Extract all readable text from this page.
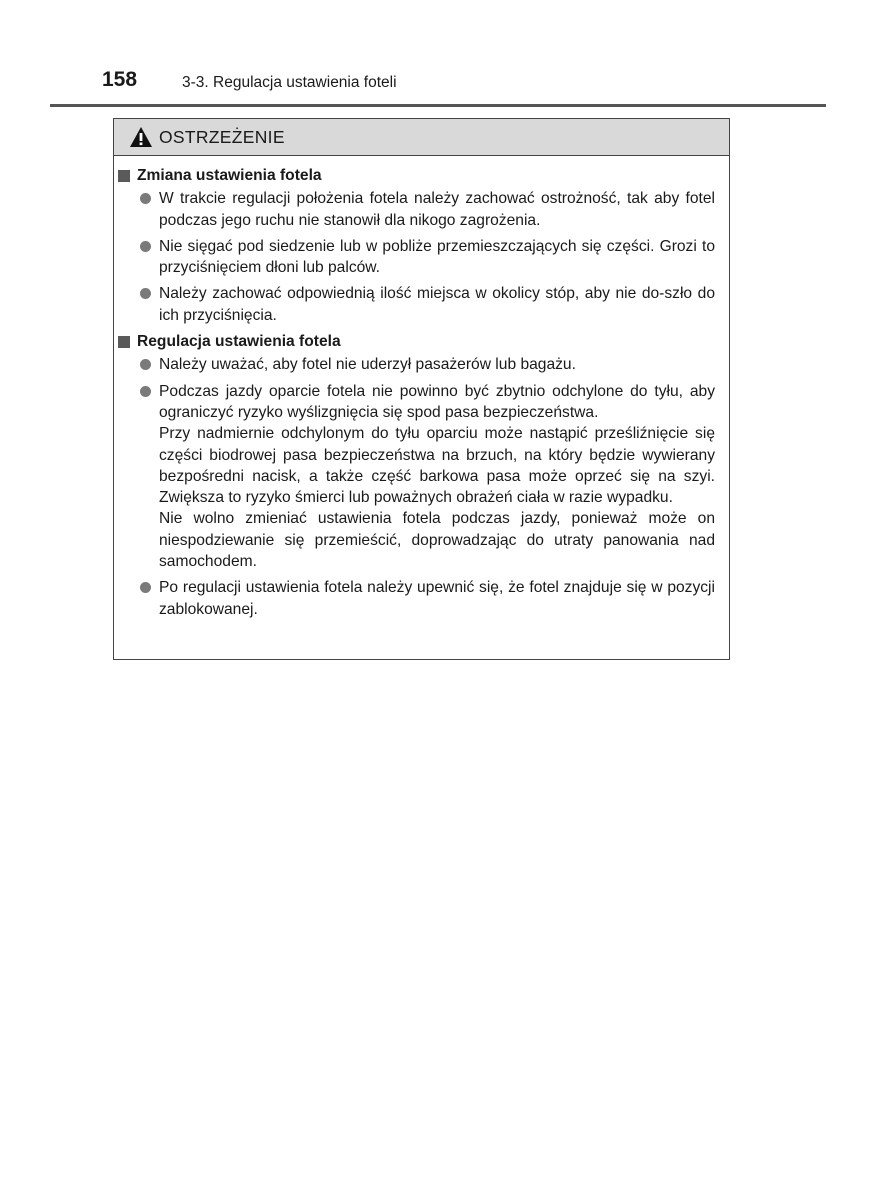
158	3-3. Regulacja ustawienia foteli
OSTRZEŻENIE
Zmiana ustawienia fotela

W trakcie regulacji położenia fotela należy zachować ostrożność, tak aby fotel podczas jego ruchu nie stanowił dla nikogo zagrożenia.

Nie sięgać pod siedzenie lub w pobliże przemieszczających się części. Grozi to przyciśnięciem dłoni lub palców.

Należy zachować odpowiednią ilość miejsca w okolicy stóp, aby nie do-szło do ich przyciśnięcia.

Regulacja ustawienia fotela

Należy uważać, aby fotel nie uderzył pasażerów lub bagażu.

Podczas jazdy oparcie fotela nie powinno być zbytnio odchylone do tyłu, aby ograniczyć ryzyko wyślizgnięcia się spod pasa bezpieczeństwa.

Przy nadmiernie odchylonym do tyłu oparciu może nastąpić prześliźnięcie się części biodrowej pasa bezpieczeństwa na brzuch, na który będzie wywierany bezpośredni nacisk, a także część barkowa pasa może oprzeć się na szyi. Zwiększa to ryzyko śmierci lub poważnych obrażeń ciała w razie wypadku.

Nie wolno zmieniać ustawienia fotela podczas jazdy, ponieważ może on niespodziewanie się przemieścić, doprowadzając do utraty panowania nad samochodem.

Po regulacji ustawienia fotela należy upewnić się, że fotel znajduje się w pozycji zablokowanej.
